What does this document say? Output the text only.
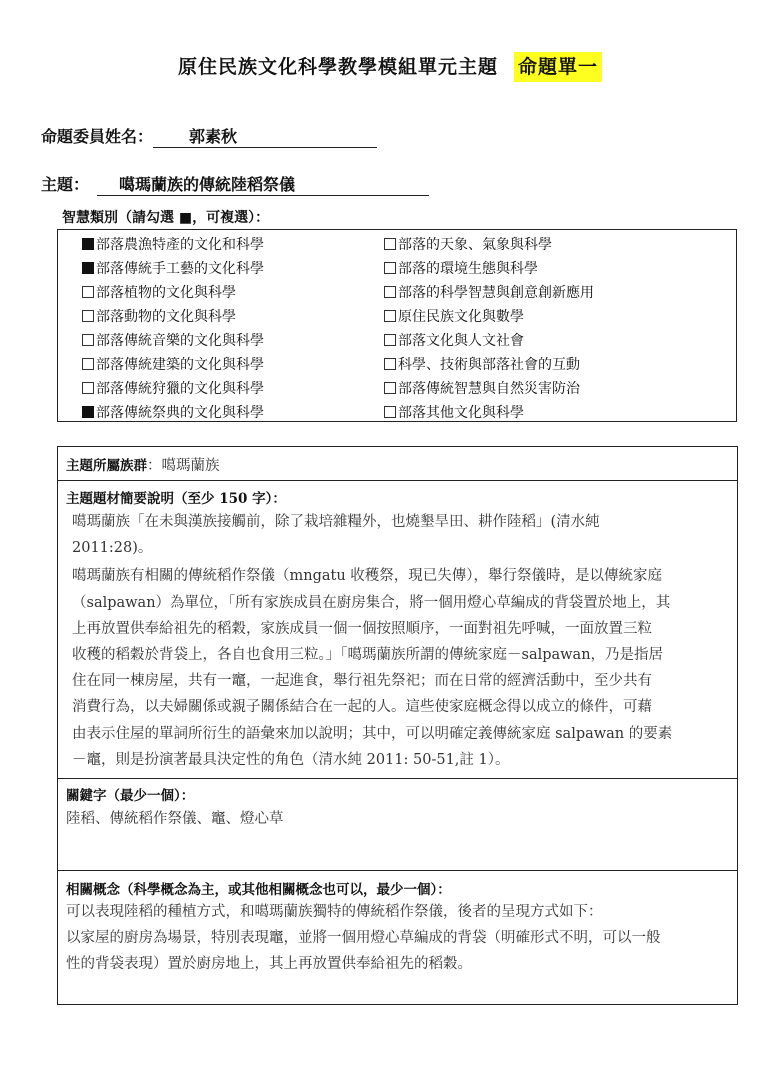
原住民族文化科學教學模組單元主題 命題單一
命題委員姓名： 郭素秋
主題： 噶瑪蘭族的傳統陸稻祭儀
智慧類別（請勾選 ■，可複選）：
部落農漁特產的文化和科學
部落傳統手工藝的文化科學
部落植物的文化與科學
部落動物的文化與科學
部落傳統音樂的文化與科學
部落傳統建築的文化與科學
部落傳統狩獵的文化與科學
部落傳統祭典的文化與科學
部落的天象、氣象與科學
部落的環境生態與科學
部落的科學智慧與創意創新應用
原住民族文化與數學
部落文化與人文社會
科學、技術與部落社會的互動
部落傳統智慧與自然災害防治
部落其他文化與科學
主題所屬族群：噶瑪蘭族
主題題材簡要說明（至少 150 字）：
噶瑪蘭族「在未與漢族接觸前，除了栽培雜糧外，也燒墾旱田、耕作陸稻」(清水純
2011:28)。
噶瑪蘭族有相關的傳統稻作祭儀（mngatu 收穫祭，現已失傳），舉行祭儀時，是以傳統家庭
（salpawan）為單位，「所有家族成員在廚房集合，將一個用燈心草編成的背袋置於地上，其
上再放置供奉給祖先的稻穀，家族成員一個一個按照順序，一面對祖先呼喊，一面放置三粒
收穫的稻穀於背袋上，各自也食用三粒。」「噶瑪蘭族所謂的傳統家庭－salpawan，乃是指居
住在同一棟房屋，共有一竈，一起進食，舉行祖先祭祀；而在日常的經濟活動中，至少共有
消費行為，以夫婦關係或親子關係結合在一起的人。這些使家庭概念得以成立的條件，可藉
由表示住屋的單詞所衍生的語彙來加以說明；其中，可以明確定義傳統家庭 salpawan 的要素
－竈，則是扮演著最具決定性的角色（清水純 2011: 50-51,註 1）。
關鍵字（最少一個）：
陸稻、傳統稻作祭儀、竈、燈心草
相關概念（科學概念為主，或其他相關概念也可以，最少一個）：
可以表現陸稻的種植方式，和噶瑪蘭族獨特的傳統稻作祭儀，後者的呈現方式如下：
以家屋的廚房為場景，特別表現竈，並將一個用燈心草編成的背袋（明確形式不明，可以一般
性的背袋表現）置於廚房地上，其上再放置供奉給祖先的稻穀。
